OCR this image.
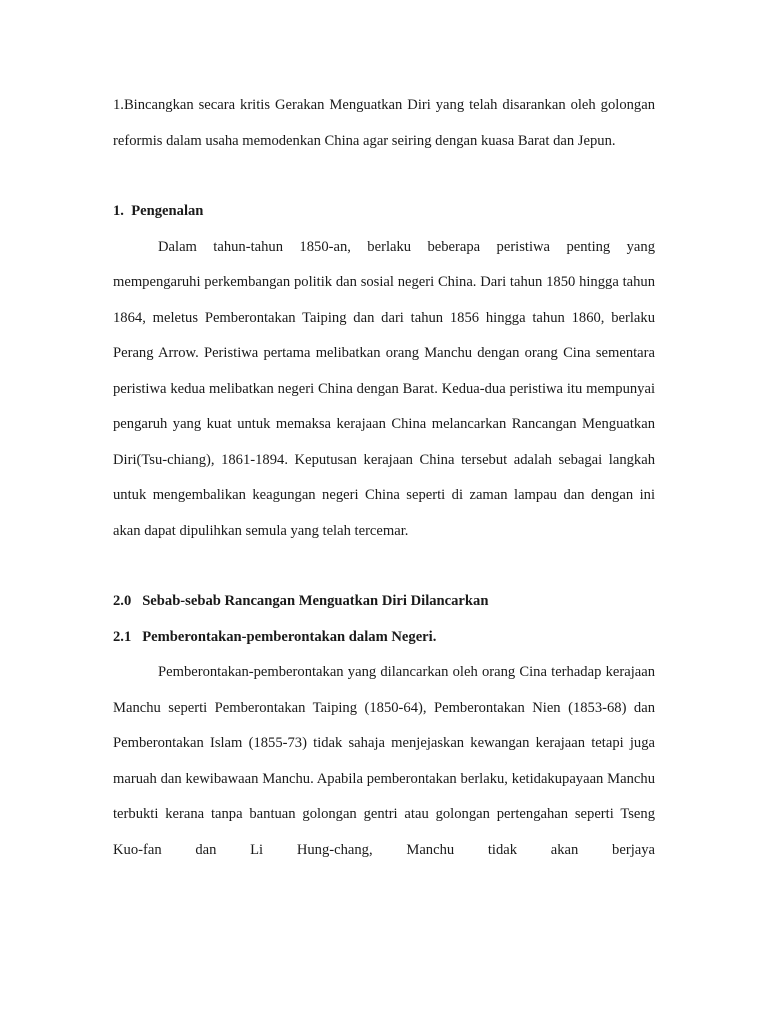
1.Bincangkan secara kritis Gerakan Menguatkan Diri yang telah disarankan oleh golongan reformis dalam usaha memodenkan China agar seiring dengan kuasa Barat dan Jepun.

1.  Pengenalan

Dalam tahun-tahun 1850-an, berlaku beberapa peristiwa penting yang mempengaruhi perkembangan politik dan sosial negeri China. Dari tahun 1850 hingga tahun 1864, meletus Pemberontakan Taiping dan dari tahun 1856 hingga tahun 1860, berlaku Perang Arrow. Peristiwa pertama melibatkan orang Manchu dengan orang Cina sementara peristiwa kedua melibatkan negeri China dengan Barat. Kedua-dua peristiwa itu mempunyai pengaruh yang kuat untuk memaksa kerajaan China melancarkan Rancangan Menguatkan Diri(Tsu-chiang), 1861-1894. Keputusan kerajaan China tersebut adalah sebagai langkah untuk mengembalikan keagungan negeri China seperti di zaman lampau dan dengan ini akan dapat dipulihkan semula yang telah tercemar.

2.0   Sebab-sebab Rancangan Menguatkan Diri Dilancarkan

2.1   Pemberontakan-pemberontakan dalam Negeri.

Pemberontakan-pemberontakan yang dilancarkan oleh orang Cina terhadap kerajaan Manchu seperti Pemberontakan Taiping (1850-64), Pemberontakan Nien (1853-68) dan Pemberontakan Islam (1855-73) tidak sahaja menjejaskan kewangan kerajaan tetapi juga maruah dan kewibawaan Manchu. Apabila pemberontakan berlaku, ketidakupayaan Manchu terbukti kerana tanpa bantuan golongan gentri atau golongan pertengahan seperti Tseng Kuo-fan dan Li Hung-chang, Manchu tidak akan berjaya
